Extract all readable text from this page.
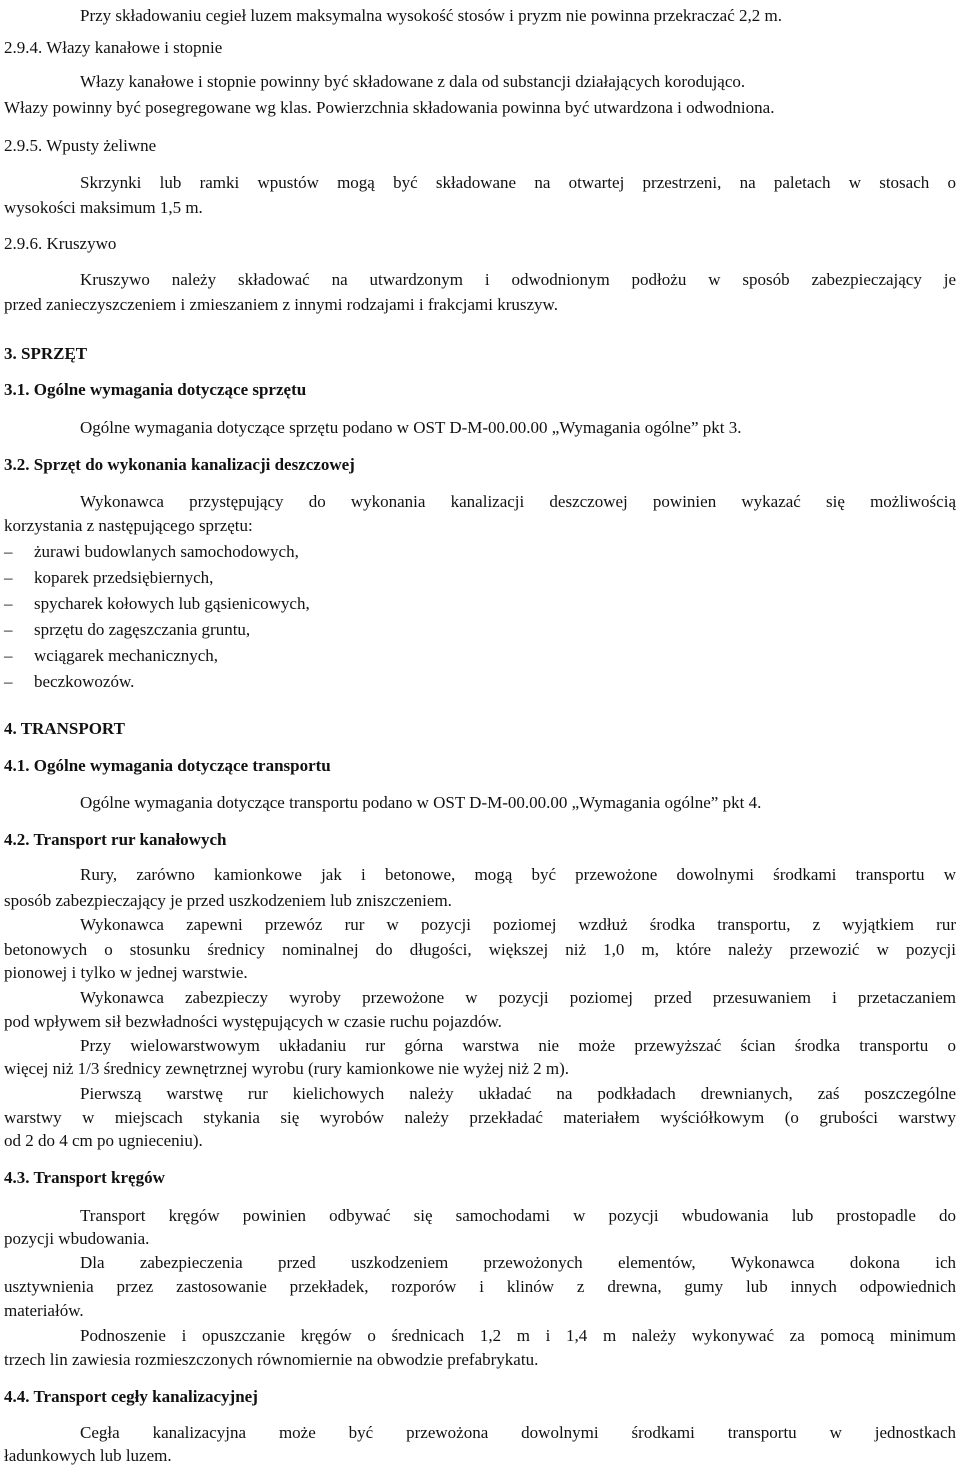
Przy składowaniu cegieł luzem maksymalna wysokość stosów i pryzm nie powinna przekraczać 2,2 m.
2.9.4. Włazy kanałowe i stopnie
Włazy kanałowe i stopnie powinny być składowane z dala od substancji działających korodująco.
Włazy powinny być posegregowane wg klas. Powierzchnia składowania powinna być utwardzona i odwodniona.
2.9.5. Wpusty żeliwne
Skrzynki lub ramki wpustów mogą być składowane na otwartej przestrzeni, na paletach w stosach o
wysokości maksimum 1,5 m.
2.9.6. Kruszywo
Kruszywo należy składować na utwardzonym i odwodnionym podłożu w sposób zabezpieczający je
przed zanieczyszczeniem i zmieszaniem z innymi rodzajami i frakcjami kruszyw.
3. SPRZĘT
3.1. Ogólne wymagania dotyczące sprzętu
Ogólne wymagania dotyczące sprzętu podano w OST D-M-00.00.00 „Wymagania ogólne” pkt 3.
3.2. Sprzęt do wykonania kanalizacji deszczowej
Wykonawca przystępujący do wykonania kanalizacji deszczowej powinien wykazać się możliwością
korzystania z następującego sprzętu:
– żurawi budowlanych samochodowych,
– koparek przedsiębiernych,
– spycharek kołowych lub gąsienicowych,
– sprzętu do zagęszczania gruntu,
– wciągarek mechanicznych,
– beczkowozów.
4. TRANSPORT
4.1. Ogólne wymagania dotyczące transportu
Ogólne wymagania dotyczące transportu podano w OST D-M-00.00.00 „Wymagania ogólne” pkt 4.
4.2. Transport rur kanałowych
Rury, zarówno kamionkowe jak i betonowe, mogą być przewożone dowolnymi środkami transportu w
sposób zabezpieczający je przed uszkodzeniem lub zniszczeniem.
Wykonawca zapewni przewóz rur w pozycji poziomej wzdłuż środka transportu, z wyjątkiem rur
betonowych o stosunku średnicy nominalnej do długości, większej niż 1,0 m, które należy przewozić w pozycji
pionowej i tylko w jednej warstwie.
Wykonawca zabezpieczy wyroby przewożone w pozycji poziomej przed przesuwaniem i przetaczaniem
pod wpływem sił bezwładności występujących w czasie ruchu pojazdów.
Przy wielowarstwowym układaniu rur górna warstwa nie może przewyższać ścian środka transportu o
więcej niż 1/3 średnicy zewnętrznej wyrobu (rury kamionkowe nie wyżej niż 2 m).
Pierwszą warstwę rur kielichowych należy układać na podkładach drewnianych, zaś poszczególne
warstwy w miejscach stykania się wyrobów należy przekładać materiałem wyściółkowym (o grubości warstwy
od 2 do 4 cm po ugnieceniu).
4.3. Transport kręgów
Transport kręgów powinien odbywać się samochodami w pozycji wbudowania lub prostopadle do
pozycji wbudowania.
Dla zabezpieczenia przed uszkodzeniem przewożonych elementów, Wykonawca dokona ich
usztywnienia przez zastosowanie przekładek, rozporów i klinów z drewna, gumy lub innych odpowiednich
materiałów.
Podnoszenie i opuszczanie kręgów o średnicach 1,2 m i 1,4 m należy wykonywać za pomocą minimum
trzech lin zawiesia rozmieszczonych równomiernie na obwodzie prefabrykatu.
4.4. Transport cegły kanalizacyjnej
Cegła kanalizacyjna może być przewożona dowolnymi środkami transportu w jednostkach
ładunkowych lub luzem.
